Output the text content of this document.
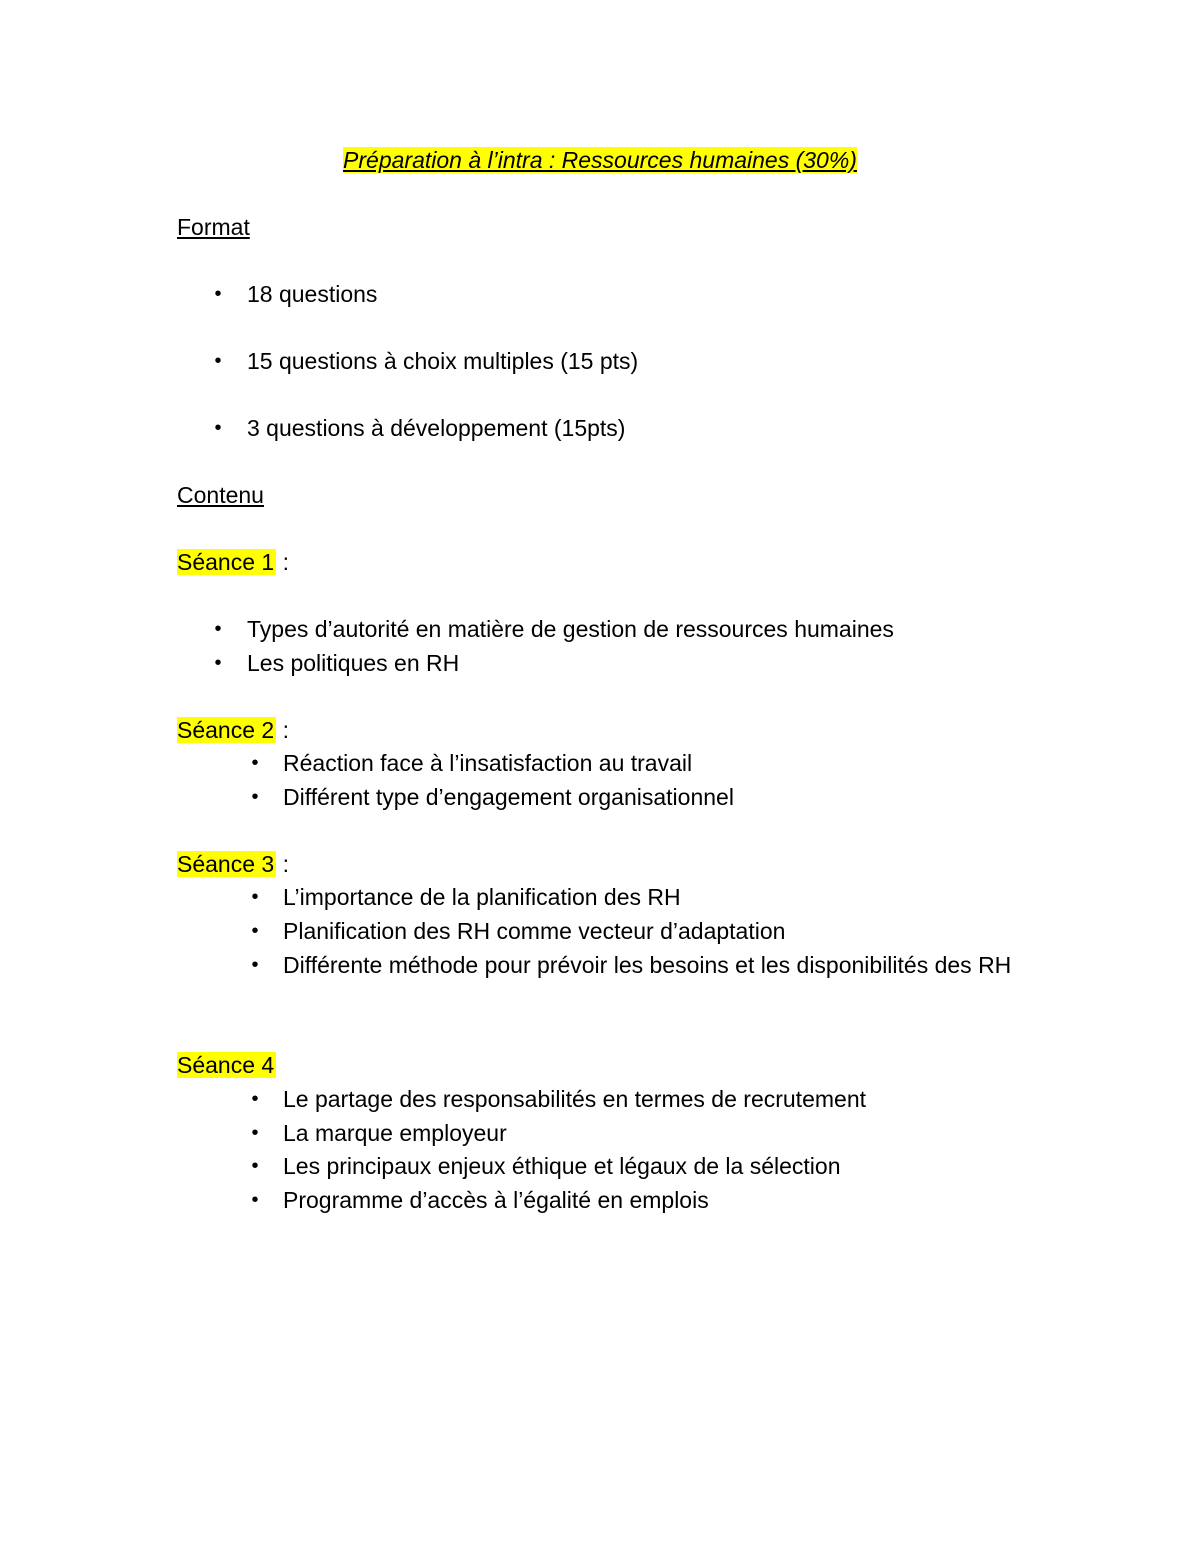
Préparation à l’intra : Ressources humaines (30%)
Format
• 18 questions
• 15 questions à choix multiples (15 pts)
• 3 questions à développement (15pts)
Contenu
Séance 1 :
• Types d’autorité en matière de gestion de ressources humaines
• Les politiques en RH
Séance 2 :
• Réaction face à l’insatisfaction au travail
• Différent type d’engagement organisationnel
Séance 3 :
• L’importance de la planification des RH
• Planification des RH comme vecteur d’adaptation
• Différente méthode pour prévoir les besoins et les disponibilités des RH
Séance 4
• Le partage des responsabilités en termes de recrutement
• La marque employeur
• Les principaux enjeux éthique et légaux de la sélection
• Programme d’accès à l’égalité en emplois
